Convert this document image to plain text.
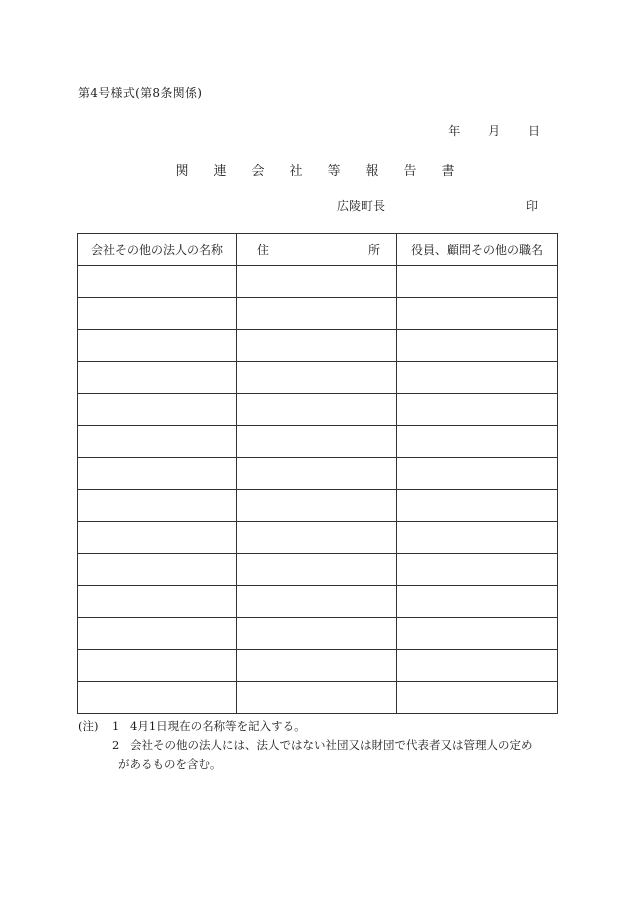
第4号様式(第8条関係)
年 月 日
関 連 会 社 等 報 告 書
広陵町長	印
会社その他の法人の名称	住 所	役員、顧問その他の職名

(注)	1 4月1日現在の名称等を記入する。
2 会社その他の法人には、法人ではない社団又は財団で代表者又は管理人の定め
があるものを含む。
